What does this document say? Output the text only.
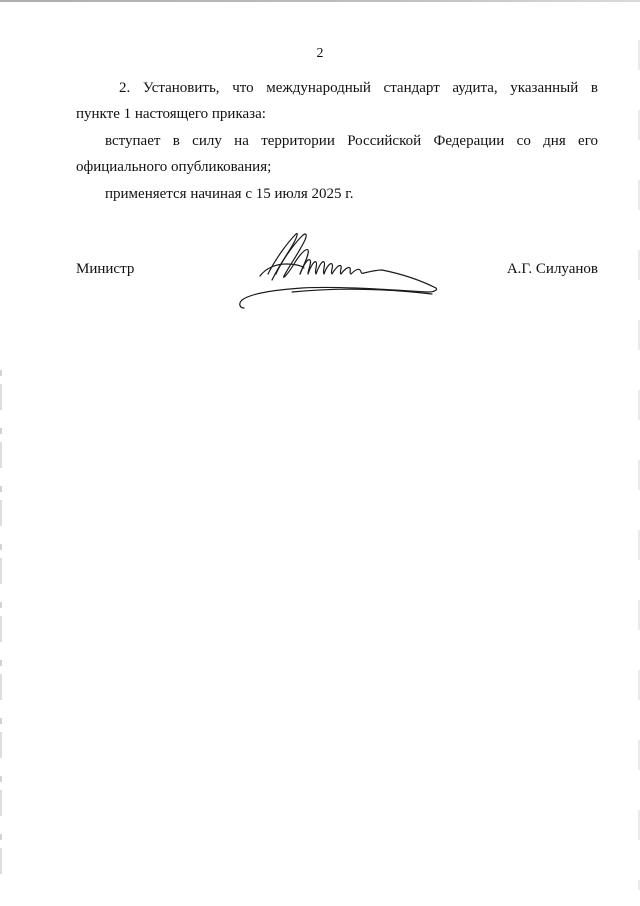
2

2. Установить, что международный стандарт аудита, указанный в

пункте 1 настоящего приказа:

вступает в силу на территории Российской Федерации со дня его

официального опубликования;

применяется начиная с 15 июля 2025 г.

Министр	А.Г. Силуанов
